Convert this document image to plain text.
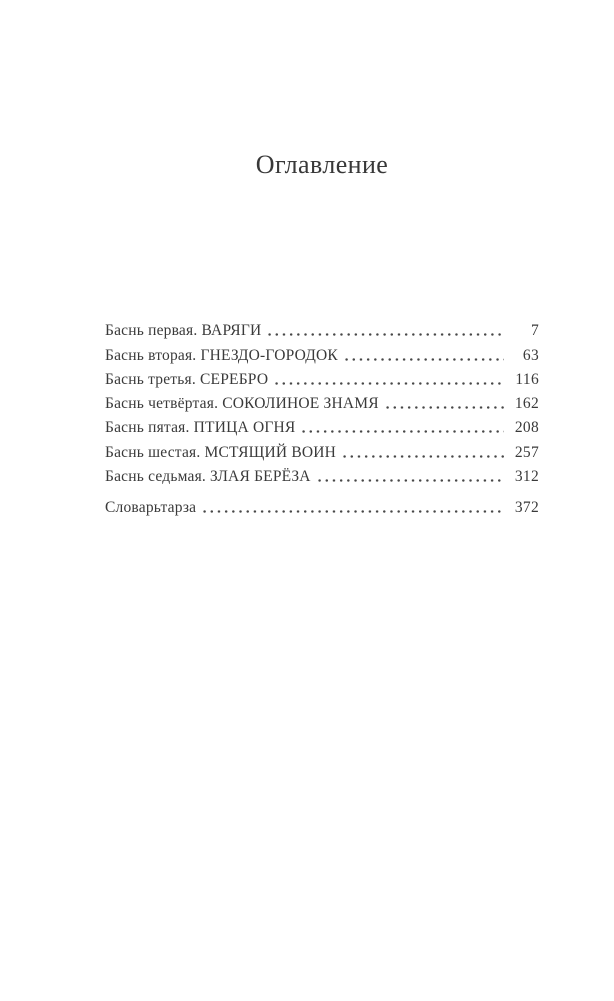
Оглавление
Баснь первая. ВАРЯГИ	7
Баснь вторая. ГНЕЗДО-ГОРОДОК	63
Баснь третья. СЕРЕБРО	116
Баснь четвёртая. СОКОЛИНОЕ ЗНАМЯ	162
Баснь пятая. ПТИЦА ОГНЯ	208
Баснь шестая. МСТЯЩИЙ ВОИН	257
Баснь седьмая. ЗЛАЯ БЕРЁЗА	312
Словарьтарза	372
